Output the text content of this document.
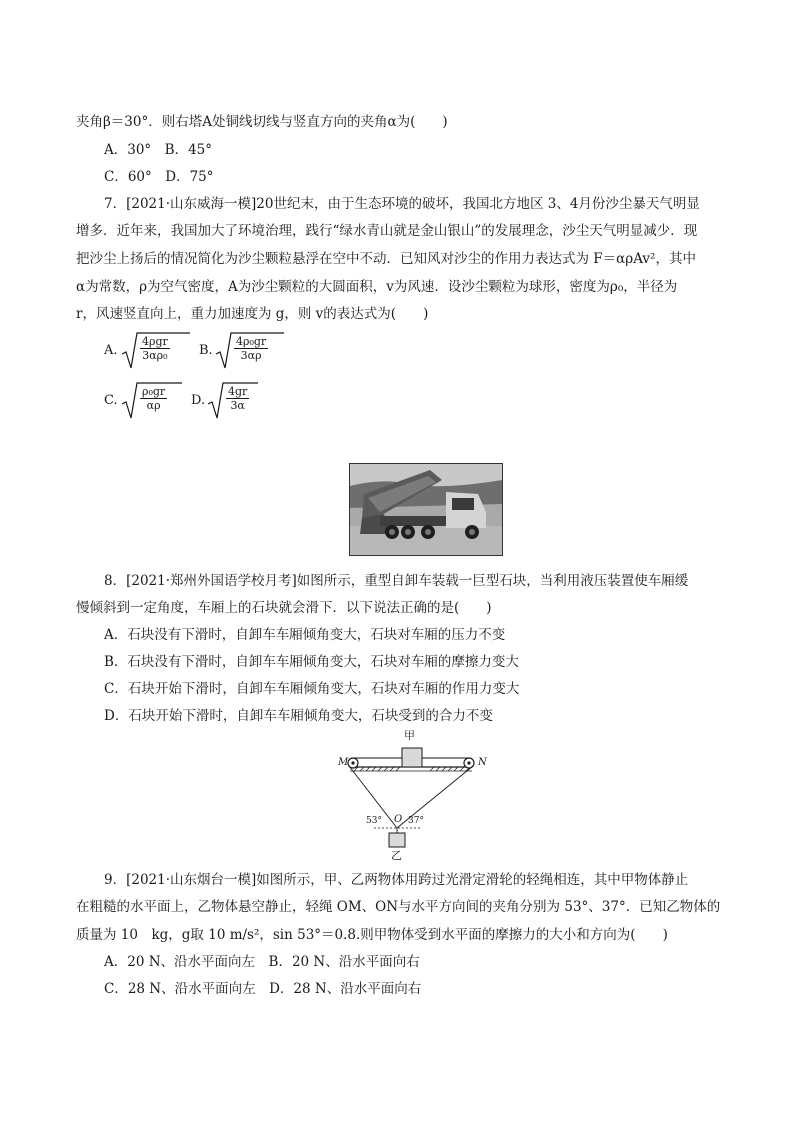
夹角β＝30°．则右塔A处铜线切线与竖直方向的夹角α为(　　)
A．30°　B．45°
C．60°　D．75°
7．[2021·山东威海一模]20世纪末，由于生态环境的破坏，我国北方地区 3、4月份沙尘暴天气明显
增多．近年来，我国加大了环境治理，践行“绿水青山就是金山银山”的发展理念，沙尘天气明显减少．现
把沙尘上扬后的情况简化为沙尘颗粒悬浮在空中不动．已知风对沙尘的作用力表达式为 F＝αρAv²，其中
α为常数，ρ为空气密度，A为沙尘颗粒的大圆面积，v为风速．设沙尘颗粒为球形，密度为ρ₀，半径为
r，风速竖直向上，重力加速度为 g，则 v的表达式为(　　)
A.
4ρgr
3αρ₀ B. $\frac{\text{4ρ₀gr}}{3\alpha\rho}$
C. $\frac{\text{ρ₀gr}}{\alpha\rho} D$. $\frac{4gr}{3\alpha}$
8．[2021·郑州外国语学校月考]如图所示，重型自卸车装载一巨型石块，当利用液压装置使车厢缓
慢倾斜到一定角度，车厢上的石块就会滑下．以下说法正确的是(　　)
A．石块没有下滑时，自卸车车厢倾角变大，石块对车厢的压力不变
B．石块没有下滑时，自卸车车厢倾角变大，石块对车厢的摩擦力变大
C．石块开始下滑时，自卸车车厢倾角变大，石块对车厢的作用力变大
D．石块开始下滑时，自卸车车厢倾角变大，石块受到的合力不变
甲
M	N
O
53°	37°
乙
9．[2021·山东烟台一模]如图所示，甲、乙两物体用跨过光滑定滑轮的轻绳相连，其中甲物体静止
在粗糙的水平面上，乙物体悬空静止，轻绳 OM、ON与水平方向间的夹角分别为 53°、37°．已知乙物体的
质量为 10　kg，g取 10 m/s²，sin 53°＝0.8.则甲物体受到水平面的摩擦力的大小和方向为(　　)
A．20 N、沿水平面向左　B．20 N、沿水平面向右
C．28 N、沿水平面向左　D．28 N、沿水平面向右
